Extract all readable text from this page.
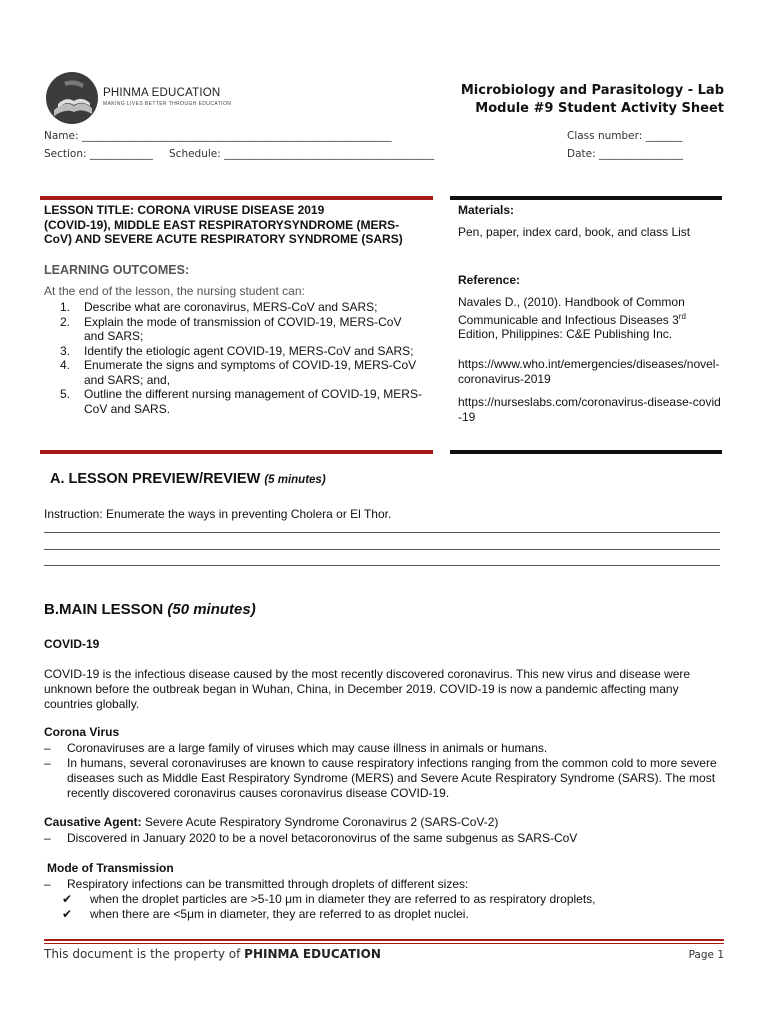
PHINMA EDUCATION
MAKING LIVES BETTER THROUGH EDUCATION
Microbiology and Parasitology - Lab
Module #9 Student Activity Sheet
Name: ___________________________________________________________	Class number: _______
Section: ____________ Schedule: ________________________________________	Date: ________________
LESSON TITLE: CORONA VIRUSE DISEASE 2019
(COVID-19), MIDDLE EAST RESPIRATORYSYNDROME (MERS-
CoV) AND SEVERE ACUTE RESPIRATORY SYNDROME (SARS)
LEARNING OUTCOMES:
At the end of the lesson, the nursing student can:
1. Describe what are coronavirus, MERS-CoV and SARS;
2. Explain the mode of transmission of COVID-19, MERS-CoV and SARS;
3. Identify the etiologic agent COVID-19, MERS-CoV and SARS;
4. Enumerate the signs and symptoms of COVID-19, MERS-CoV and SARS; and,
5. Outline the different nursing management of COVID-19, MERS-CoV and SARS.
Materials:
Pen, paper, index card, book, and class List
Reference:
Navales D., (2010). Handbook of Common Communicable and Infectious Diseases 3rd Edition, Philippines: C&E Publishing Inc.
https://www.who.int/emergencies/diseases/novel-coronavirus-2019
https://nurseslabs.com/coronavirus-disease-covid-19
A. LESSON PREVIEW/REVIEW (5 minutes)
Instruction: Enumerate the ways in preventing Cholera or El Thor.
B.MAIN LESSON (50 minutes)
COVID-19
COVID-19 is the infectious disease caused by the most recently discovered coronavirus. This new virus and disease were unknown before the outbreak began in Wuhan, China, in December 2019. COVID-19 is now a pandemic affecting many countries globally.
Corona Virus
–	Coronaviruses are a large family of viruses which may cause illness in animals or humans.
–	In humans, several coronaviruses are known to cause respiratory infections ranging from the common cold to more severe diseases such as Middle East Respiratory Syndrome (MERS) and Severe Acute Respiratory Syndrome (SARS). The most recently discovered coronavirus causes coronavirus disease COVID-19.
Causative Agent: Severe Acute Respiratory Syndrome Coronavirus 2 (SARS-CoV-2)
–	Discovered in January 2020 to be a novel betacoronovirus of the same subgenus as SARS-CoV
Mode of Transmission
–	Respiratory infections can be transmitted through droplets of different sizes:
✔	when the droplet particles are >5-10 μm in diameter they are referred to as respiratory droplets,
✔	when there are <5μm in diameter, they are referred to as droplet nuclei.
This document is the property of PHINMA EDUCATION	Page 1
